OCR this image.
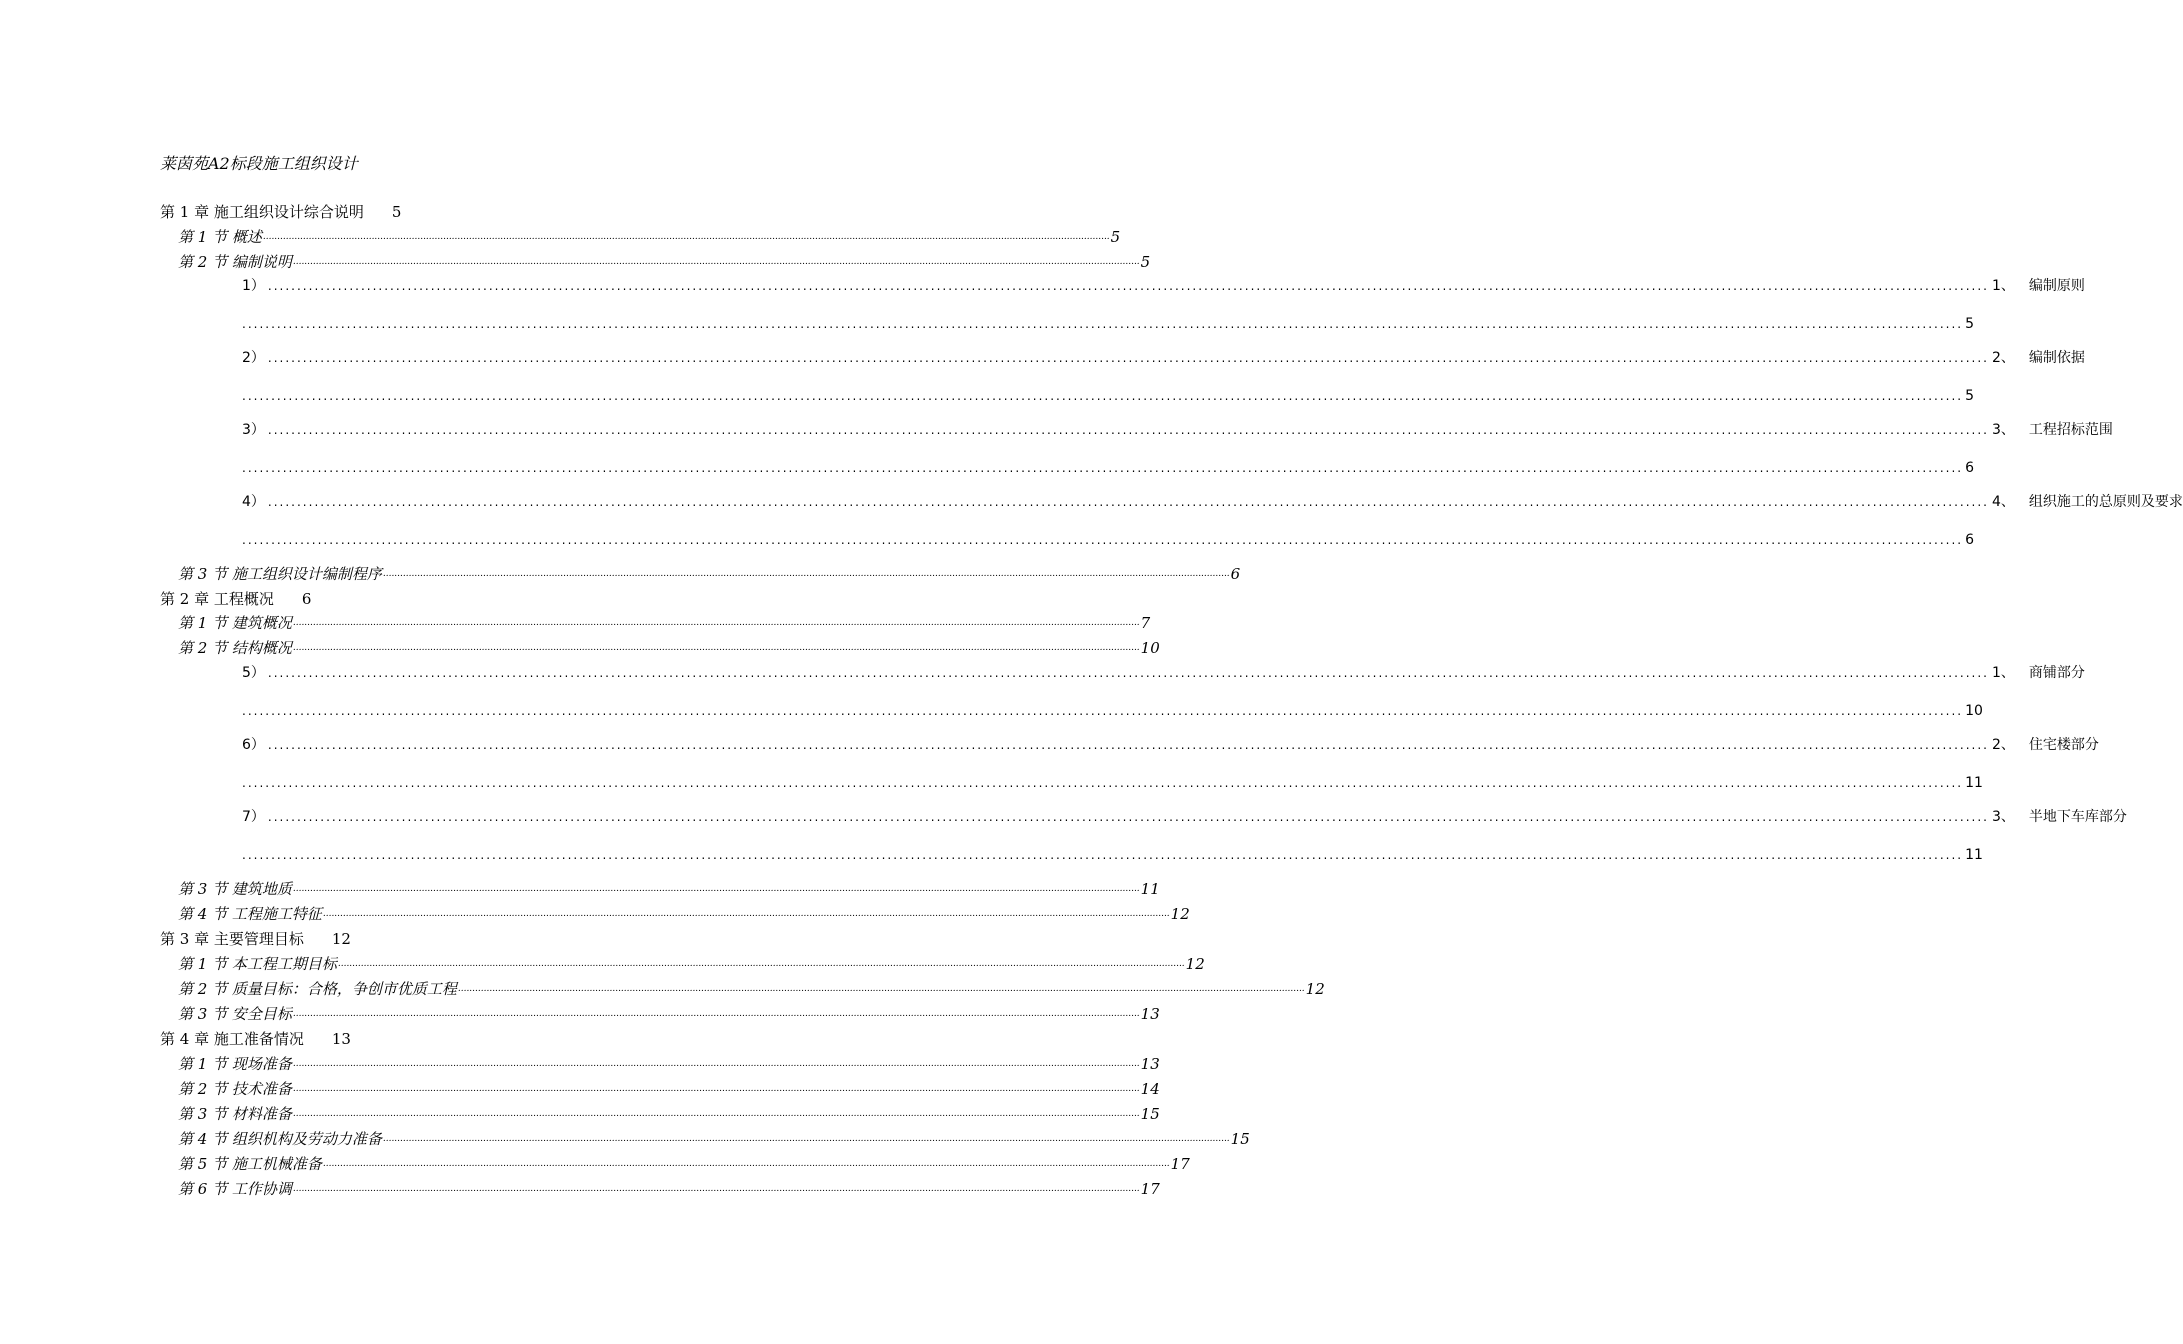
莱茵苑A2标段施工组织设计
第 1 章 施工组织设计综合说明 5
第 1 节 概述 ........................................................................................................................................................................................................................................................................................................ 5
第 2 节 编制说明 ........................................................................................................................................................................................................................................................................................................ 5
1） ........................................................................................................................................................................................................................................................................................................ 1、 编制原则
........................................................................................................................................................................................................................................................................................................ 5
2） ........................................................................................................................................................................................................................................................................................................ 2、 编制依据
........................................................................................................................................................................................................................................................................................................ 5
3） ........................................................................................................................................................................................................................................................................................................ 3、 工程招标范围
........................................................................................................................................................................................................................................................................................................ 6
4） ........................................................................................................................................................................................................................................................................................................ 4、 组织施工的总原则及要求
........................................................................................................................................................................................................................................................................................................ 6
第 3 节 施工组织设计编制程序 ........................................................................................................................................................................................................................................................................................................ 6
第 2 章 工程概况 6
第 1 节 建筑概况 ........................................................................................................................................................................................................................................................................................................ 7
第 2 节 结构概况 ........................................................................................................................................................................................................................................................................................................ 10
5） ........................................................................................................................................................................................................................................................................................................ 1、 商铺部分
........................................................................................................................................................................................................................................................................................................ 10
6） ........................................................................................................................................................................................................................................................................................................ 2、 住宅楼部分
........................................................................................................................................................................................................................................................................................................ 11
7） ........................................................................................................................................................................................................................................................................................................ 3、 半地下车库部分
........................................................................................................................................................................................................................................................................................................ 11
第 3 节 建筑地质 ........................................................................................................................................................................................................................................................................................................ 11
第 4 节 工程施工特征 ........................................................................................................................................................................................................................................................................................................ 12
第 3 章 主要管理目标 12
第 1 节 本工程工期目标 ........................................................................................................................................................................................................................................................................................................ 12
第 2 节 质量目标：合格，争创市优质工程 ........................................................................................................................................................................................................................................................................................................ 12
第 3 节 安全目标 ........................................................................................................................................................................................................................................................................................................ 13
第 4 章 施工准备情况 13
第 1 节 现场准备 ........................................................................................................................................................................................................................................................................................................ 13
第 2 节 技术准备 ........................................................................................................................................................................................................................................................................................................ 14
第 3 节 材料准备 ........................................................................................................................................................................................................................................................................................................ 15
第 4 节 组织机构及劳动力准备 ........................................................................................................................................................................................................................................................................................................ 15
第 5 节 施工机械准备 ........................................................................................................................................................................................................................................................................................................ 17
第 6 节 工作协调 ........................................................................................................................................................................................................................................................................................................ 17
